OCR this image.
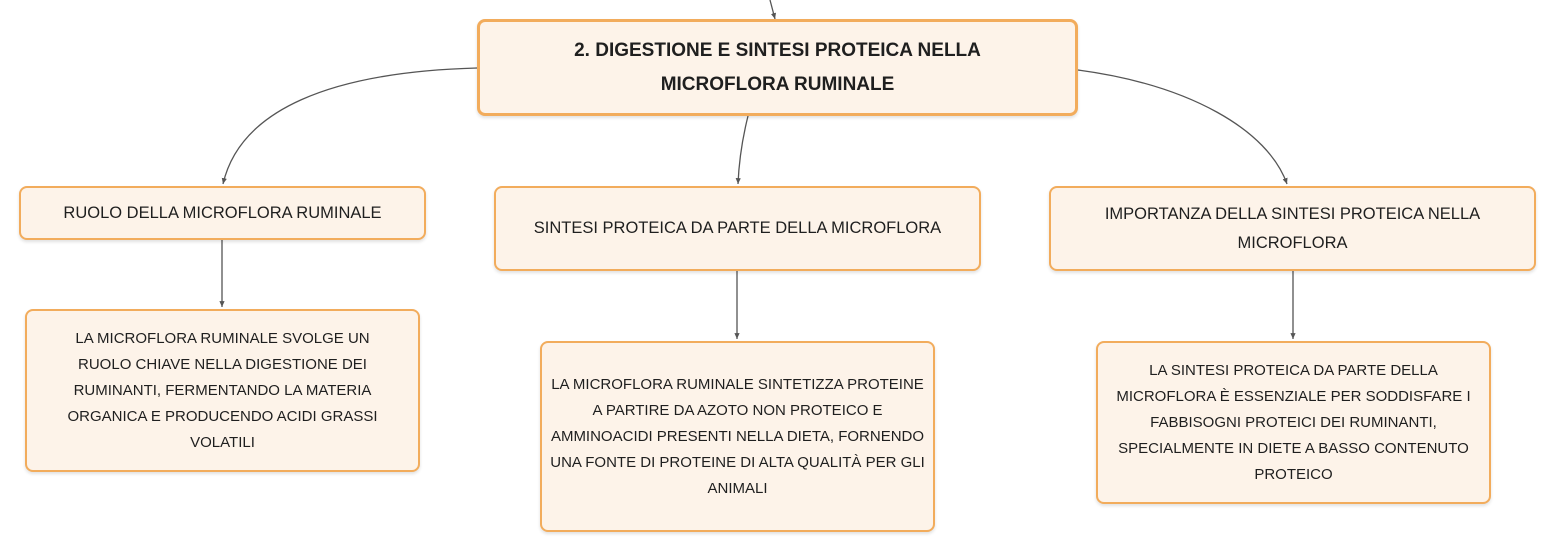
2. DIGESTIONE E SINTESI PROTEICA NELLA MICROFLORA RUMINALE
RUOLO DELLA MICROFLORA RUMINALE
SINTESI PROTEICA DA PARTE DELLA MICROFLORA
IMPORTANZA DELLA SINTESI PROTEICA NELLA MICROFLORA
LA MICROFLORA RUMINALE SVOLGE UN RUOLO CHIAVE NELLA DIGESTIONE DEI RUMINANTI, FERMENTANDO LA MATERIA ORGANICA E PRODUCENDO ACIDI GRASSI VOLATILI
LA MICROFLORA RUMINALE SINTETIZZA PROTEINE A PARTIRE DA AZOTO NON PROTEICO E AMMINOACIDI PRESENTI NELLA DIETA, FORNENDO UNA FONTE DI PROTEINE DI ALTA QUALITÀ PER GLI ANIMALI
LA SINTESI PROTEICA DA PARTE DELLA MICROFLORA È ESSENZIALE PER SODDISFARE I FABBISOGNI PROTEICI DEI RUMINANTI, SPECIALMENTE IN DIETE A BASSO CONTENUTO PROTEICO
